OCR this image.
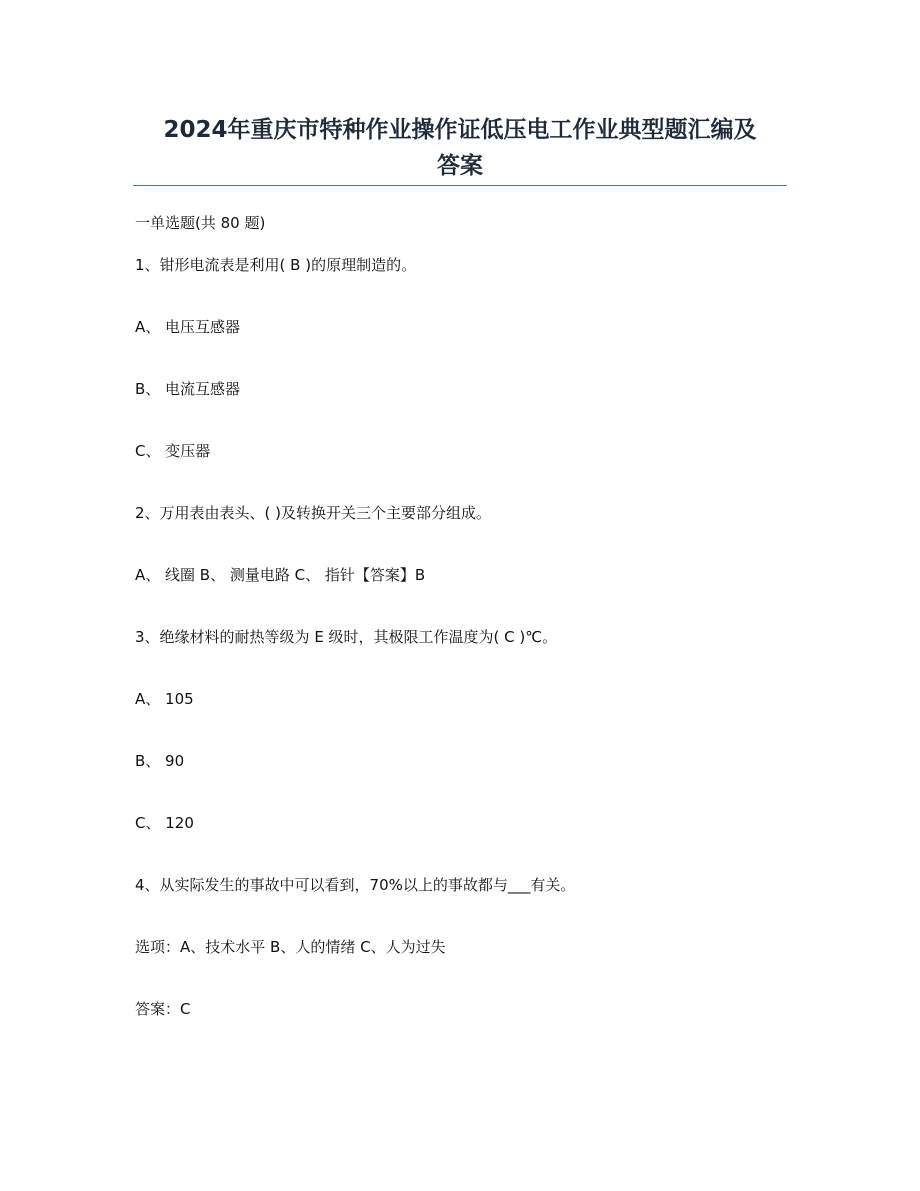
2024年重庆市特种作业操作证低压电工作业典型题汇编及
答案
一单选题(共 80 题)
1、钳形电流表是利用( B )的原理制造的。
A、 电压互感器
B、 电流互感器
C、 变压器
2、万用表由表头、( )及转换开关三个主要部分组成。
A、 线圈 B、 测量电路 C、 指针【答案】B
3、绝缘材料的耐热等级为 E 级时，其极限工作温度为( C )℃。
A、 105
B、 90
C、 120
4、从实际发生的事故中可以看到，70%以上的事故都与___有关。
选项：A、技术水平 B、人的情绪 C、人为过失
答案：C
